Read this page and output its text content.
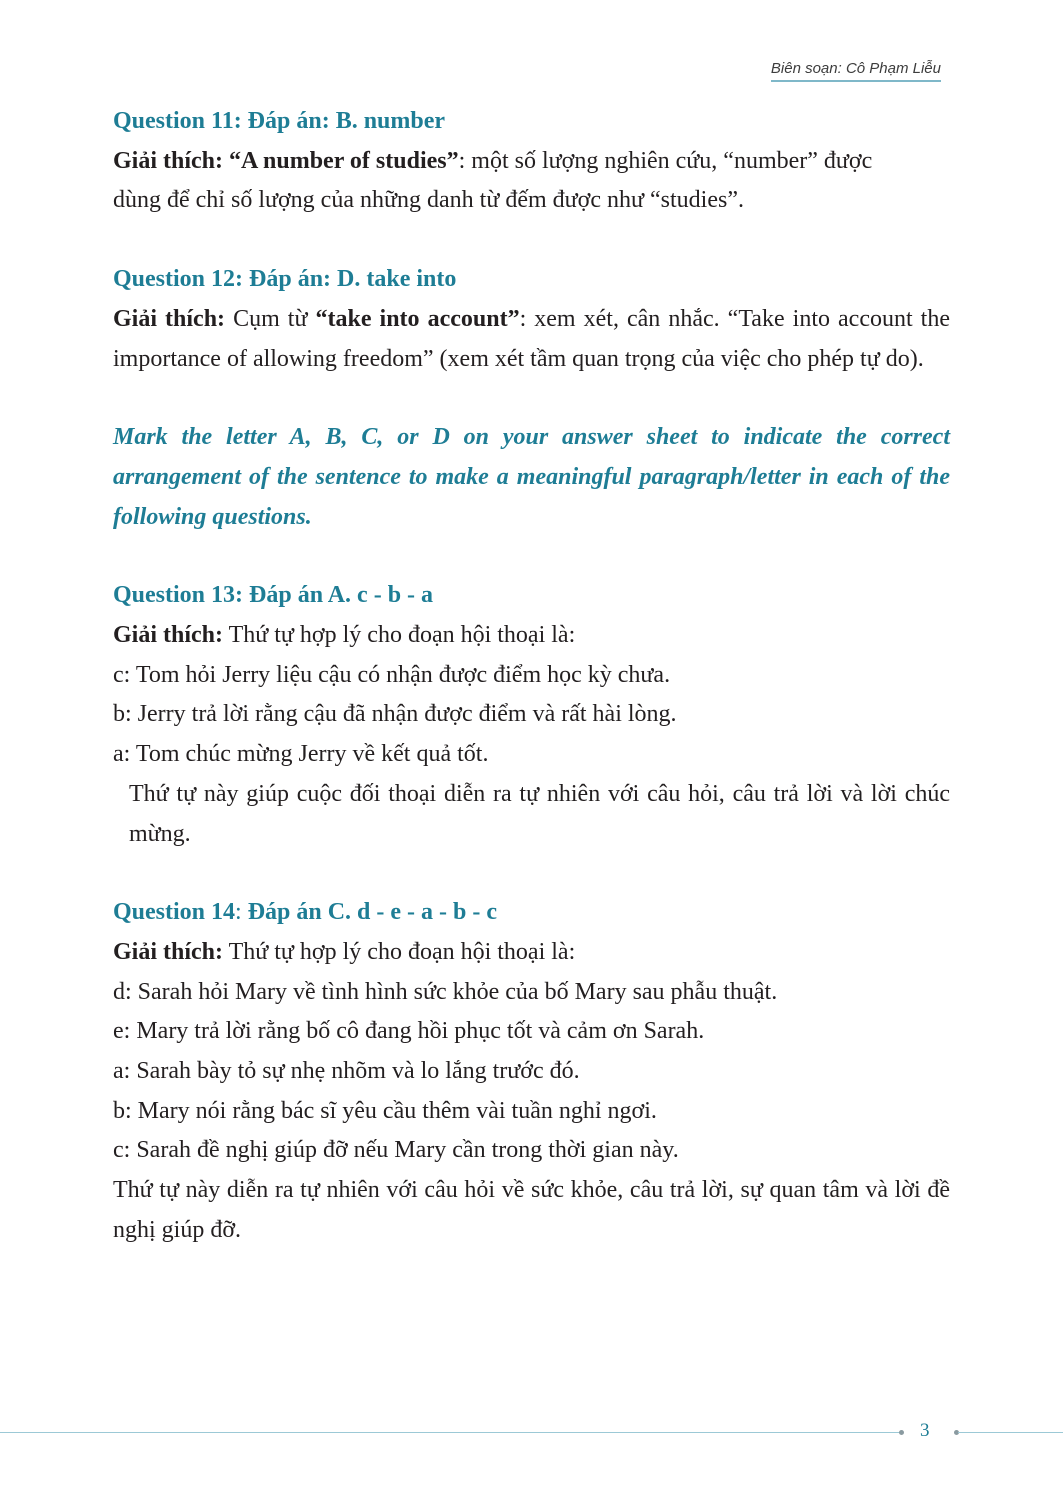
Biên soạn: Cô Phạm Liễu

Question 11: Đáp án: B. number

Giải thích: “A number of studies”: một số lượng nghiên cứu, “number” được

dùng để chỉ số lượng của những danh từ đếm được như “studies”.

Question 12: Đáp án: D. take into

Giải thích: Cụm từ “take into account”: xem xét, cân nhắc. “Take into account the importance of allowing freedom” (xem xét tầm quan trọng của việc cho phép tự do).

Mark the letter A, B, C, or D on your answer sheet to indicate the correct arrangement of the sentence to make a meaningful paragraph/letter in each of the following questions.

Question 13: Đáp án A. c - b - a

Giải thích: Thứ tự hợp lý cho đoạn hội thoại là:

c: Tom hỏi Jerry liệu cậu có nhận được điểm học kỳ chưa.

b: Jerry trả lời rằng cậu đã nhận được điểm và rất hài lòng.

a: Tom chúc mừng Jerry về kết quả tốt.

Thứ tự này giúp cuộc đối thoại diễn ra tự nhiên với câu hỏi, câu trả lời và lời chúc mừng.

Question 14: Đáp án C. d - e - a - b - c

Giải thích: Thứ tự hợp lý cho đoạn hội thoại là:

d: Sarah hỏi Mary về tình hình sức khỏe của bố Mary sau phẫu thuật.

e: Mary trả lời rằng bố cô đang hồi phục tốt và cảm ơn Sarah.

a: Sarah bày tỏ sự nhẹ nhõm và lo lắng trước đó.

b: Mary nói rằng bác sĩ yêu cầu thêm vài tuần nghỉ ngơi.

c: Sarah đề nghị giúp đỡ nếu Mary cần trong thời gian này.

Thứ tự này diễn ra tự nhiên với câu hỏi về sức khỏe, câu trả lời, sự quan tâm và lời đề nghị giúp đỡ.

3
